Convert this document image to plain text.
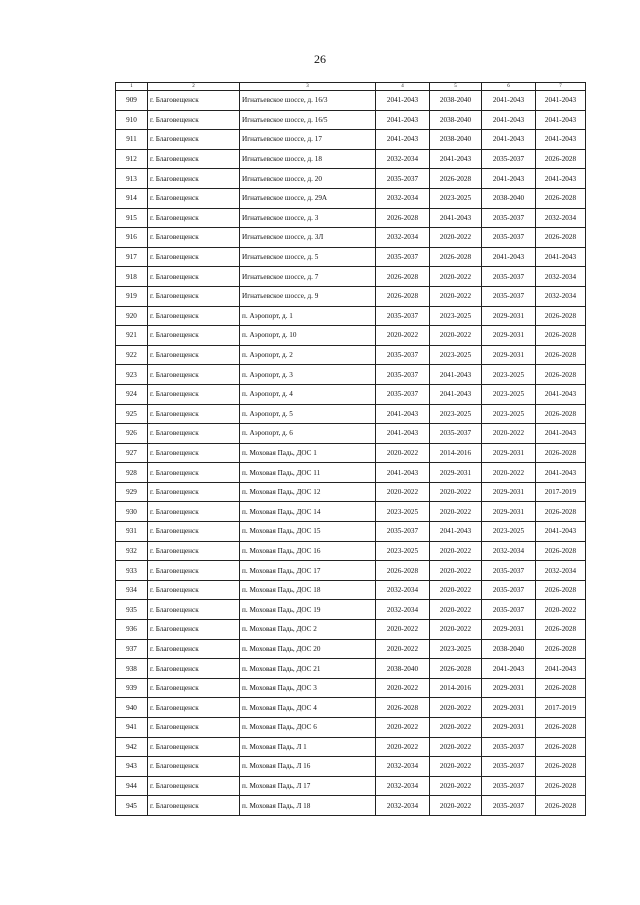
26
1	2	3	4	5	6	7
909	г. Благовещенск	Игнатьевское шоссе, д. 16/3	2041-2043	2038-2040	2041-2043	2041-2043
910	г. Благовещенск	Игнатьевское шоссе, д. 16/5	2041-2043	2038-2040	2041-2043	2041-2043
911	г. Благовещенск	Игнатьевское шоссе, д. 17	2041-2043	2038-2040	2041-2043	2041-2043
912	г. Благовещенск	Игнатьевское шоссе, д. 18	2032-2034	2041-2043	2035-2037	2026-2028
913	г. Благовещенск	Игнатьевское шоссе, д. 20	2035-2037	2026-2028	2041-2043	2041-2043
914	г. Благовещенск	Игнатьевское шоссе, д. 29А	2032-2034	2023-2025	2038-2040	2026-2028
915	г. Благовещенск	Игнатьевское шоссе, д. 3	2026-2028	2041-2043	2035-2037	2032-2034
916	г. Благовещенск	Игнатьевское шоссе, д. 3Л	2032-2034	2020-2022	2035-2037	2026-2028
917	г. Благовещенск	Игнатьевское шоссе, д. 5	2035-2037	2026-2028	2041-2043	2041-2043
918	г. Благовещенск	Игнатьевское шоссе, д. 7	2026-2028	2020-2022	2035-2037	2032-2034
919	г. Благовещенск	Игнатьевское шоссе, д. 9	2026-2028	2020-2022	2035-2037	2032-2034
920	г. Благовещенск	п. Аэропорт, д. 1	2035-2037	2023-2025	2029-2031	2026-2028
921	г. Благовещенск	п. Аэропорт, д. 10	2020-2022	2020-2022	2029-2031	2026-2028
922	г. Благовещенск	п. Аэропорт, д. 2	2035-2037	2023-2025	2029-2031	2026-2028
923	г. Благовещенск	п. Аэропорт, д. 3	2035-2037	2041-2043	2023-2025	2026-2028
924	г. Благовещенск	п. Аэропорт, д. 4	2035-2037	2041-2043	2023-2025	2041-2043
925	г. Благовещенск	п. Аэропорт, д. 5	2041-2043	2023-2025	2023-2025	2026-2028
926	г. Благовещенск	п. Аэропорт, д. 6	2041-2043	2035-2037	2020-2022	2041-2043
927	г. Благовещенск	п. Моховая Падь, ДОС 1	2020-2022	2014-2016	2029-2031	2026-2028
928	г. Благовещенск	п. Моховая Падь, ДОС 11	2041-2043	2029-2031	2020-2022	2041-2043
929	г. Благовещенск	п. Моховая Падь, ДОС 12	2020-2022	2020-2022	2029-2031	2017-2019
930	г. Благовещенск	п. Моховая Падь, ДОС 14	2023-2025	2020-2022	2029-2031	2026-2028
931	г. Благовещенск	п. Моховая Падь, ДОС 15	2035-2037	2041-2043	2023-2025	2041-2043
932	г. Благовещенск	п. Моховая Падь, ДОС 16	2023-2025	2020-2022	2032-2034	2026-2028
933	г. Благовещенск	п. Моховая Падь, ДОС 17	2026-2028	2020-2022	2035-2037	2032-2034
934	г. Благовещенск	п. Моховая Падь, ДОС 18	2032-2034	2020-2022	2035-2037	2026-2028
935	г. Благовещенск	п. Моховая Падь, ДОС 19	2032-2034	2020-2022	2035-2037	2020-2022
936	г. Благовещенск	п. Моховая Падь, ДОС 2	2020-2022	2020-2022	2029-2031	2026-2028
937	г. Благовещенск	п. Моховая Падь, ДОС 20	2020-2022	2023-2025	2038-2040	2026-2028
938	г. Благовещенск	п. Моховая Падь, ДОС 21	2038-2040	2026-2028	2041-2043	2041-2043
939	г. Благовещенск	п. Моховая Падь, ДОС 3	2020-2022	2014-2016	2029-2031	2026-2028
940	г. Благовещенск	п. Моховая Падь, ДОС 4	2026-2028	2020-2022	2029-2031	2017-2019
941	г. Благовещенск	п. Моховая Падь, ДОС 6	2020-2022	2020-2022	2029-2031	2026-2028
942	г. Благовещенск	п. Моховая Падь, Л 1	2020-2022	2020-2022	2035-2037	2026-2028
943	г. Благовещенск	п. Моховая Падь, Л 16	2032-2034	2020-2022	2035-2037	2026-2028
944	г. Благовещенск	п. Моховая Падь, Л 17	2032-2034	2020-2022	2035-2037	2026-2028
945	г. Благовещенск	п. Моховая Падь, Л 18	2032-2034	2020-2022	2035-2037	2026-2028
